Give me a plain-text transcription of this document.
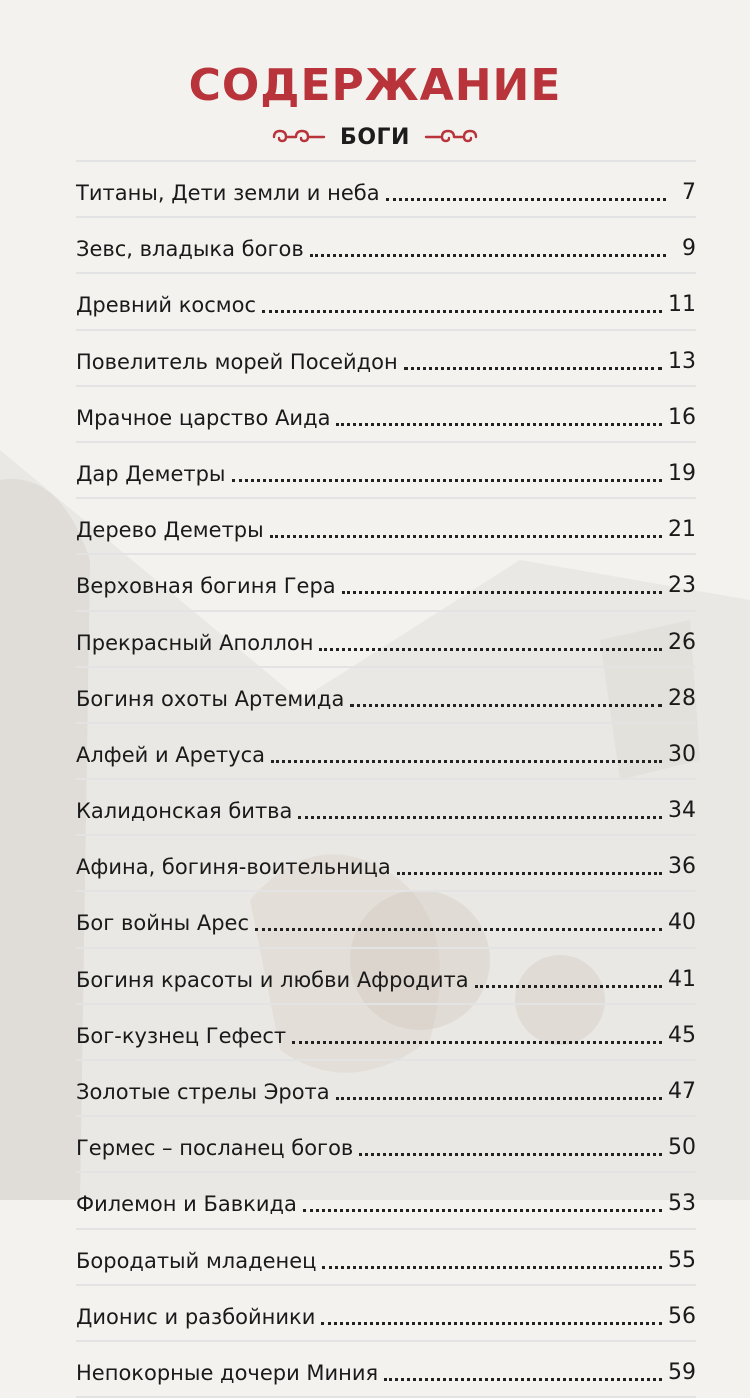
СОДЕРЖАНИЕ
БОГИ
Титаны, Дети земли и неба	7
Зевс, владыка богов	9
Древний космос	11
Повелитель морей Посейдон	13
Мрачное царство Аида	16
Дар Деметры	19
Дерево Деметры	21
Верховная богиня Гера	23
Прекрасный Аполлон	26
Богиня охоты Артемида	28
Алфей и Аретуса	30
Калидонская битва	34
Афина, богиня-воительница	36
Бог войны Арес	40
Богиня красоты и любви Афродита	41
Бог-кузнец Гефест	45
Золотые стрелы Эрота	47
Гермес – посланец богов	50
Филемон и Бавкида	53
Бородатый младенец	55
Дионис и разбойники	56
Непокорные дочери Миния	59
